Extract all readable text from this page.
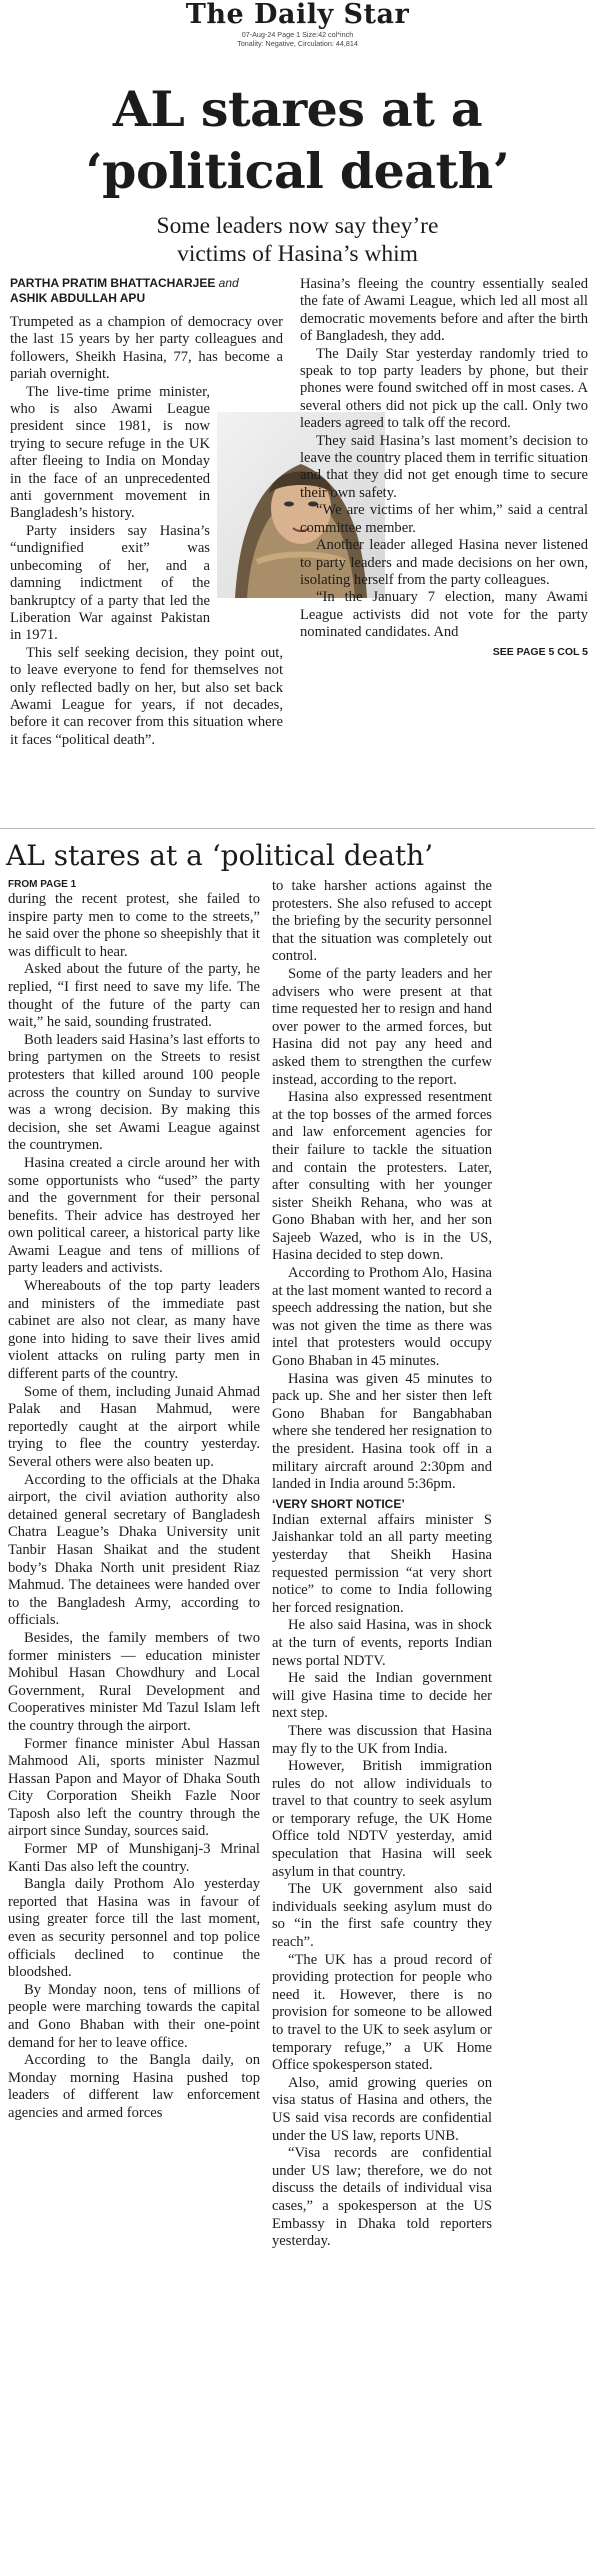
The Daily Star
07-Aug-24 Page 1 Size:42 col*inch
Tonality: Negative, Circulation: 44,814
AL stares at a
‘political death’
Some leaders now say they’re
victims of Hasina’s whim
PARTHA PRATIM BHATTACHARJEE and
ASHIK ABDULLAH APU

Trumpeted as a champion of democracy over the last 15 years by her party colleagues and followers, Sheikh Hasina, 77, has become a pariah overnight.

The live-time prime minister, who is also Awami League president since 1981, is now trying to secure refuge in the UK after fleeing to India on Monday in the face of an unprecedented anti government movement in Bangladesh’s history.

Party insiders say Hasina’s “undignified exit” was unbecoming of her, and a damning indictment of the bankruptcy of a party that led the Liberation War against Pakistan in 1971.

This self seeking decision, they point out, to leave everyone to fend for themselves not only reflected badly on her, but also set back Awami League for years, if not decades, before it can recover from this situation where it faces “political death”.

Hasina’s fleeing the country essentially sealed the fate of Awami League, which led all most all democratic movements before and after the birth of Bangladesh, they add.

The Daily Star yesterday randomly tried to speak to top party leaders by phone, but their phones were found switched off in most cases. A several others did not pick up the call. Only two leaders agreed to talk off the record.

They said Hasina’s last moment’s decision to leave the country placed them in terrific situation and that they did not get enough time to secure their own safety.

“We are victims of her whim,” said a central committee member.

Another leader alleged Hasina never listened to party leaders and made decisions on her own, isolating herself from the party colleagues.

“In the January 7 election, many Awami League activists did not vote for the party nominated candidates. And

SEE PAGE 5 COL 5
AL stares at a ‘political death’
FROM PAGE 1

during the recent protest, she failed to inspire party men to come to the streets,” he said over the phone so sheepishly that it was difficult to hear.

Asked about the future of the party, he replied, “I first need to save my life. The thought of the future of the party can wait,” he said, sounding frustrated.

Both leaders said Hasina’s last efforts to bring partymen on the Streets to resist protesters that killed around 100 people across the country on Sunday to survive was a wrong decision. By making this decision, she set Awami League against the countrymen.

Hasina created a circle around her with some opportunists who “used” the party and the government for their personal benefits. Their advice has destroyed her own political career, a historical party like Awami League and tens of millions of party leaders and activists.

Whereabouts of the top party leaders and ministers of the immediate past cabinet are also not clear, as many have gone into hiding to save their lives amid violent attacks on ruling party men in different parts of the country.

Some of them, including Junaid Ahmad Palak and Hasan Mahmud, were reportedly caught at the airport while trying to flee the country yesterday. Several others were also beaten up.

According to the officials at the Dhaka airport, the civil aviation authority also detained general secretary of Bangladesh Chatra League’s Dhaka University unit Tanbir Hasan Shaikat and the student body’s Dhaka North unit president Riaz Mahmud. The detainees were handed over to the Bangladesh Army, according to officials.

Besides, the family members of two former ministers — education minister Mohibul Hasan Chowdhury and Local Government, Rural Development and Cooperatives minister Md Tazul Islam left the country through the airport.

Former finance minister Abul Hassan Mahmood Ali, sports minister Nazmul Hassan Papon and Mayor of Dhaka South City Corporation Sheikh Fazle Noor Taposh also left the country through the airport since Sunday, sources said.

Former MP of Munshiganj-3 Mrinal Kanti Das also left the country.

Bangla daily Prothom Alo yesterday reported that Hasina was in favour of using greater force till the last moment, even as security personnel and top police officials declined to continue the bloodshed.

By Monday noon, tens of millions of people were marching towards the capital and Gono Bhaban with their one-point demand for her to leave office.

According to the Bangla daily, on Monday morning Hasina pushed top leaders of different law enforcement agencies and armed forces

to take harsher actions against the protesters. She also refused to accept the briefing by the security personnel that the situation was completely out control.

Some of the party leaders and her advisers who were present at that time requested her to resign and hand over power to the armed forces, but Hasina did not pay any heed and asked them to strengthen the curfew instead, according to the report.

Hasina also expressed resentment at the top bosses of the armed forces and law enforcement agencies for their failure to tackle the situation and contain the protesters. Later, after consulting with her younger sister Sheikh Rehana, who was at Gono Bhaban with her, and her son Sajeeb Wazed, who is in the US, Hasina decided to step down.

According to Prothom Alo, Hasina at the last moment wanted to record a speech addressing the nation, but she was not given the time as there was intel that protesters would occupy Gono Bhaban in 45 minutes.

Hasina was given 45 minutes to pack up. She and her sister then left Gono Bhaban for Bangabhaban where she tendered her resignation to the president. Hasina took off in a military aircraft around 2:30pm and landed in India around 5:36pm.

‘VERY SHORT NOTICE’

Indian external affairs minister S Jaishankar told an all party meeting yesterday that Sheikh Hasina requested permission “at very short notice” to come to India following her forced resignation.

He also said Hasina, was in shock at the turn of events, reports Indian news portal NDTV.

He said the Indian government will give Hasina time to decide her next step.

There was discussion that Hasina may fly to the UK from India.

However, British immigration rules do not allow individuals to travel to that country to seek asylum or temporary refuge, the UK Home Office told NDTV yesterday, amid speculation that Hasina will seek asylum in that country.

The UK government also said individuals seeking asylum must do so “in the first safe country they reach”.

“The UK has a proud record of providing protection for people who need it. However, there is no provision for someone to be allowed to travel to the UK to seek asylum or temporary refuge,” a UK Home Office spokesperson stated.

Also, amid growing queries on visa status of Hasina and others, the US said visa records are confidential under the US law, reports UNB.

“Visa records are confidential under US law; therefore, we do not discuss the details of individual visa cases,” a spokesperson at the US Embassy in Dhaka told reporters yesterday.
